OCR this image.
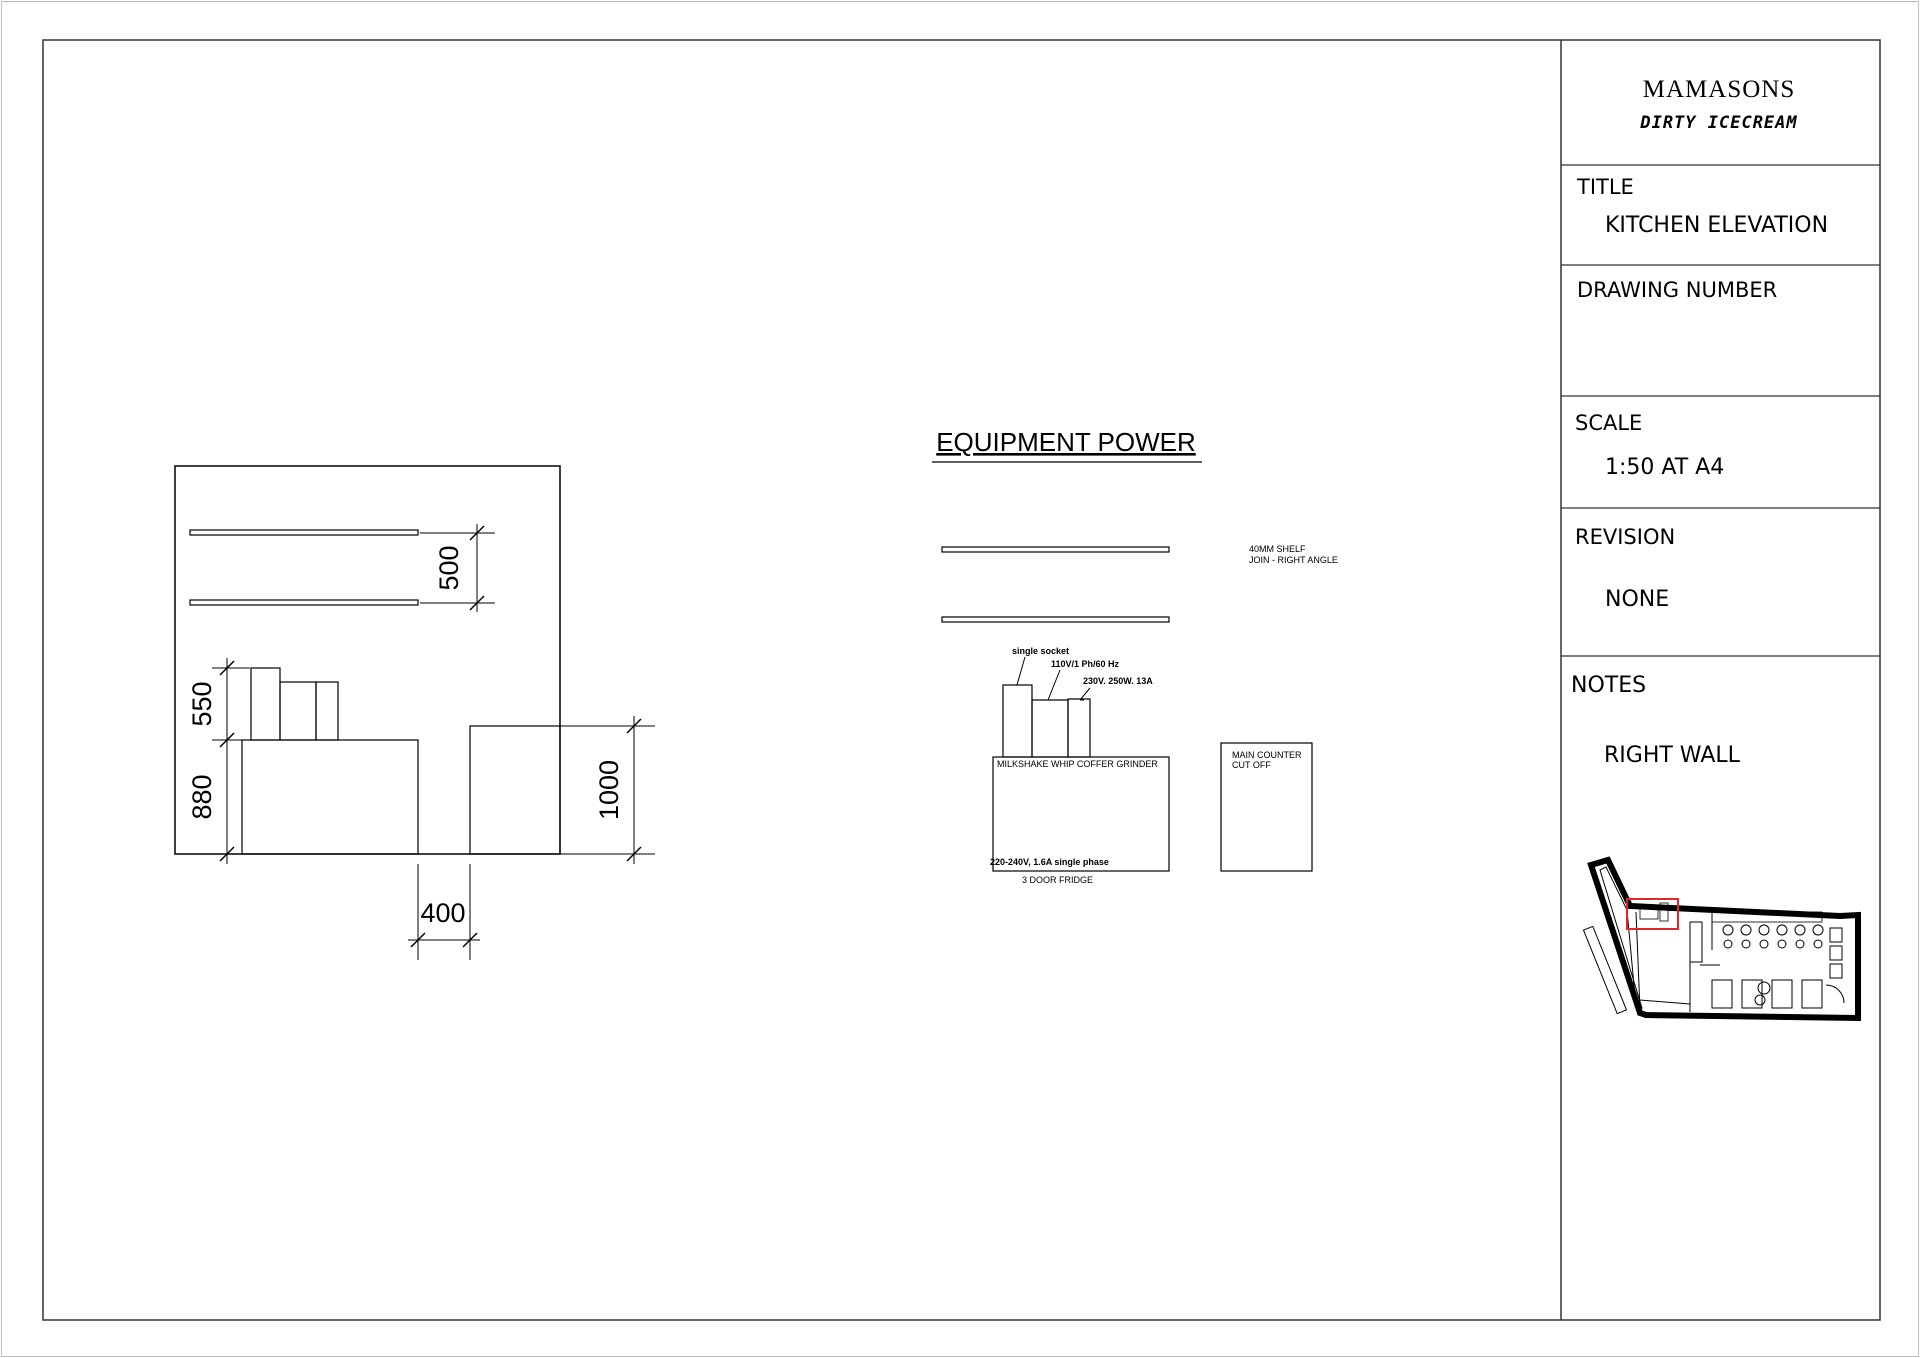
MAMASONS
DIRTY ICECREAM
TITLE
KITCHEN ELEVATION
DRAWING NUMBER
SCALE
1:50 AT A4
REVISION
NONE
NOTES
RIGHT WALL
500
550
880	1000
400
EQUIPMENT POWER
40MM SHELF
JOIN - RIGHT ANGLE
single socket
110V/1 Ph/60 Hz
230V. 250W. 13A
MILKSHAKE WHIP COFFER GRINDER
220-240V, 1.6A single phase
3 DOOR FRIDGE
MAIN COUNTER
CUT OFF
